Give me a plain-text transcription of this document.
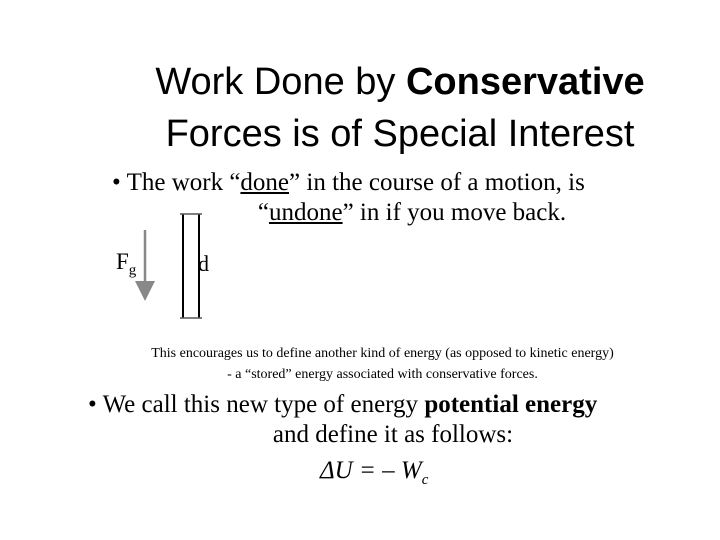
Work Done by Conservative
Forces is of Special Interest
• The work “done” in the course of a motion, is
“undone” in if you move back.
$F_g$	d
This encourages us to define another kind of energy (as opposed to kinetic energy)
- a “stored” energy associated with conservative forces.
• We call this new type of energy potential energy
and define it as follows:
ΔU = – $W_c$
